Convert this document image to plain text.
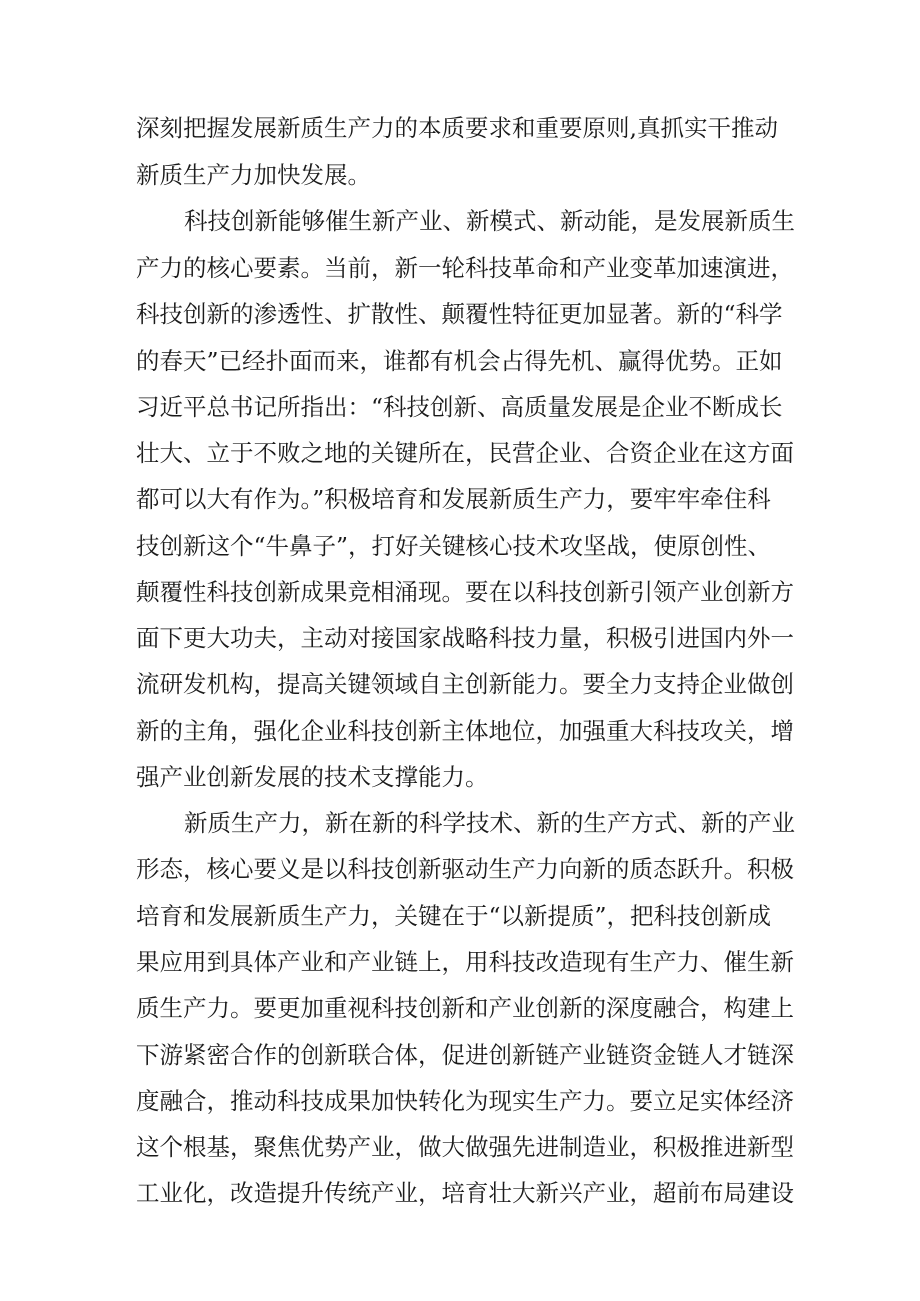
深刻把握发展新质生产力的本质要求和重要原则,真抓实干推动
新质生产力加快发展。
科技创新能够催生新产业、新模式、新动能，是发展新质生
产力的核心要素。当前，新一轮科技革命和产业变革加速演进，
科技创新的渗透性、扩散性、颠覆性特征更加显著。新的“科学
的春天”已经扑面而来，谁都有机会占得先机、赢得优势。正如
习近平总书记所指出：“科技创新、高质量发展是企业不断成长
壮大、立于不败之地的关键所在，民营企业、合资企业在这方面
都可以大有作为。”积极培育和发展新质生产力，要牢牢牵住科
技创新这个“牛鼻子”，打好关键核心技术攻坚战，使原创性、
颠覆性科技创新成果竞相涌现。要在以科技创新引领产业创新方
面下更大功夫，主动对接国家战略科技力量，积极引进国内外一
流研发机构，提高关键领域自主创新能力。要全力支持企业做创
新的主角，强化企业科技创新主体地位，加强重大科技攻关，增
强产业创新发展的技术支撑能力。
新质生产力，新在新的科学技术、新的生产方式、新的产业
形态，核心要义是以科技创新驱动生产力向新的质态跃升。积极
培育和发展新质生产力，关键在于“以新提质”，把科技创新成
果应用到具体产业和产业链上，用科技改造现有生产力、催生新
质生产力。要更加重视科技创新和产业创新的深度融合，构建上
下游紧密合作的创新联合体，促进创新链产业链资金链人才链深
度融合，推动科技成果加快转化为现实生产力。要立足实体经济
这个根基，聚焦优势产业，做大做强先进制造业，积极推进新型
工业化，改造提升传统产业，培育壮大新兴产业，超前布局建设
